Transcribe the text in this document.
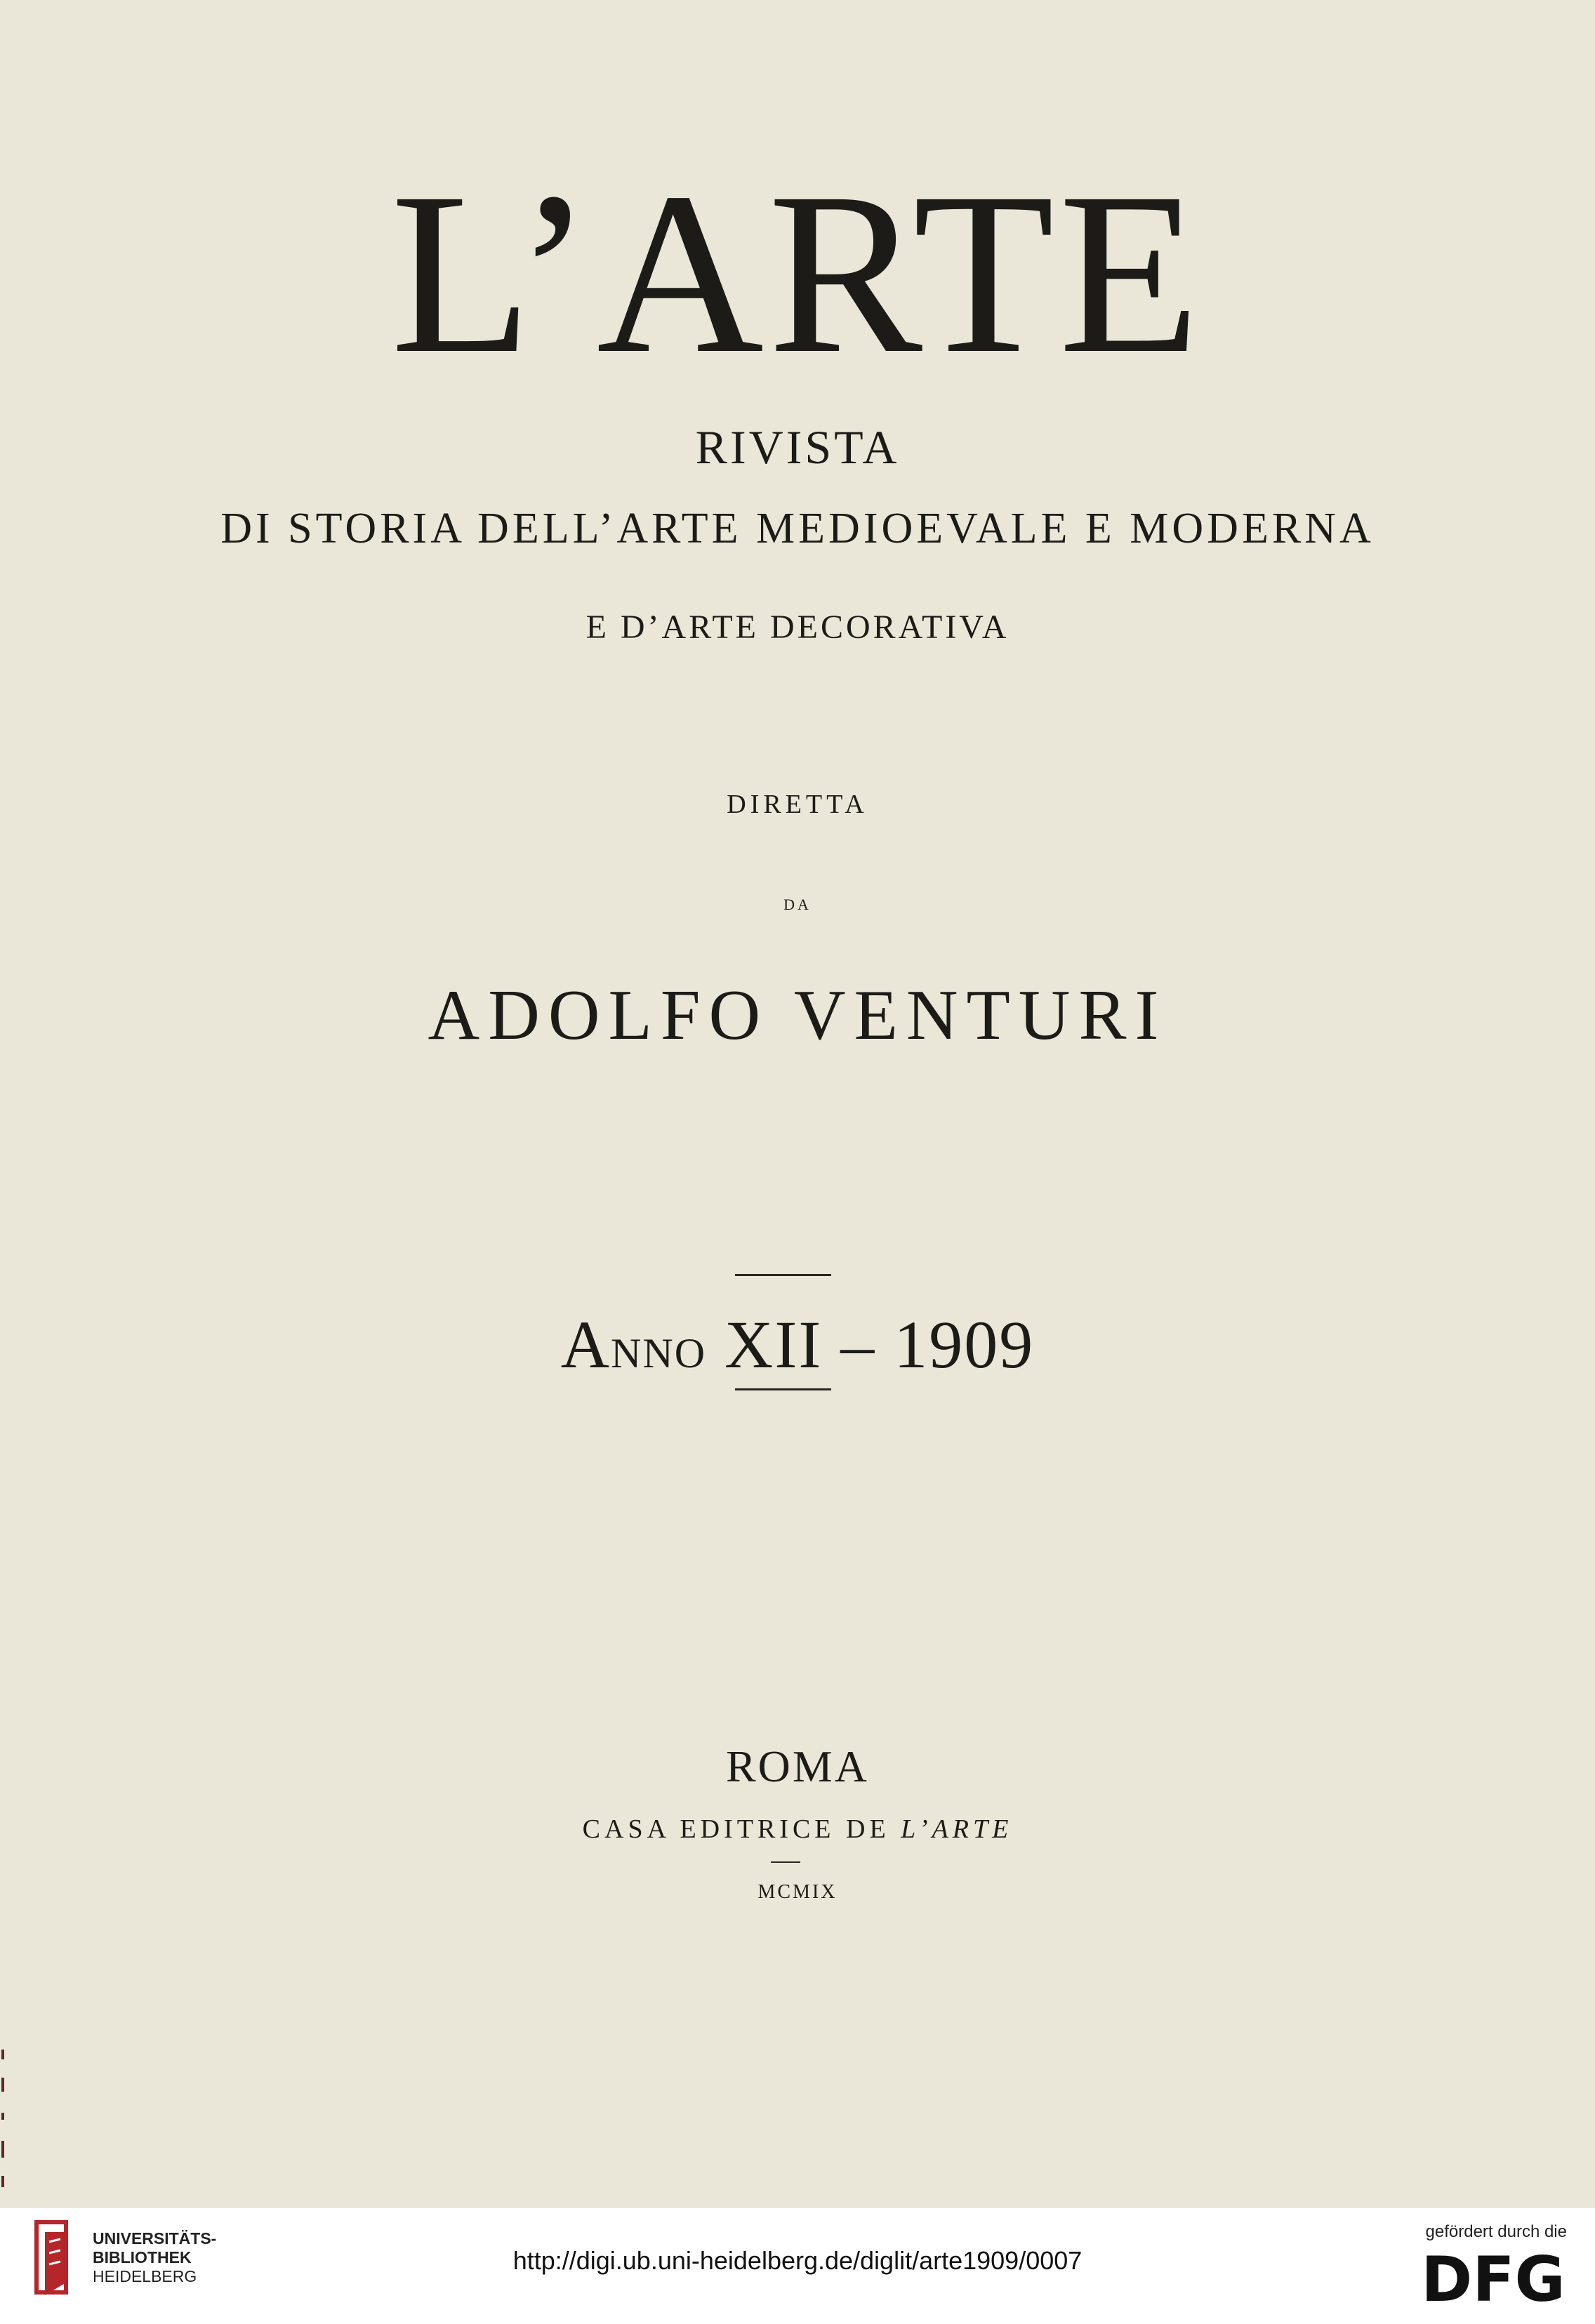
L’ARTE
RIVISTA
DI STORIA DELL’ARTE MEDIOEVALE E MODERNA
E D’ARTE DECORATIVA
DIRETTA
DA
ADOLFO VENTURI
ANNO XII – 1909
ROMA
CASA EDITRICE DE L’ARTE
MCMIX
UNIVERSITÄTS-
BIBLIOTHEK
HEIDELBERG
http://digi.ub.uni-heidelberg.de/diglit/arte1909/0007
gefördert durch die
DFG
